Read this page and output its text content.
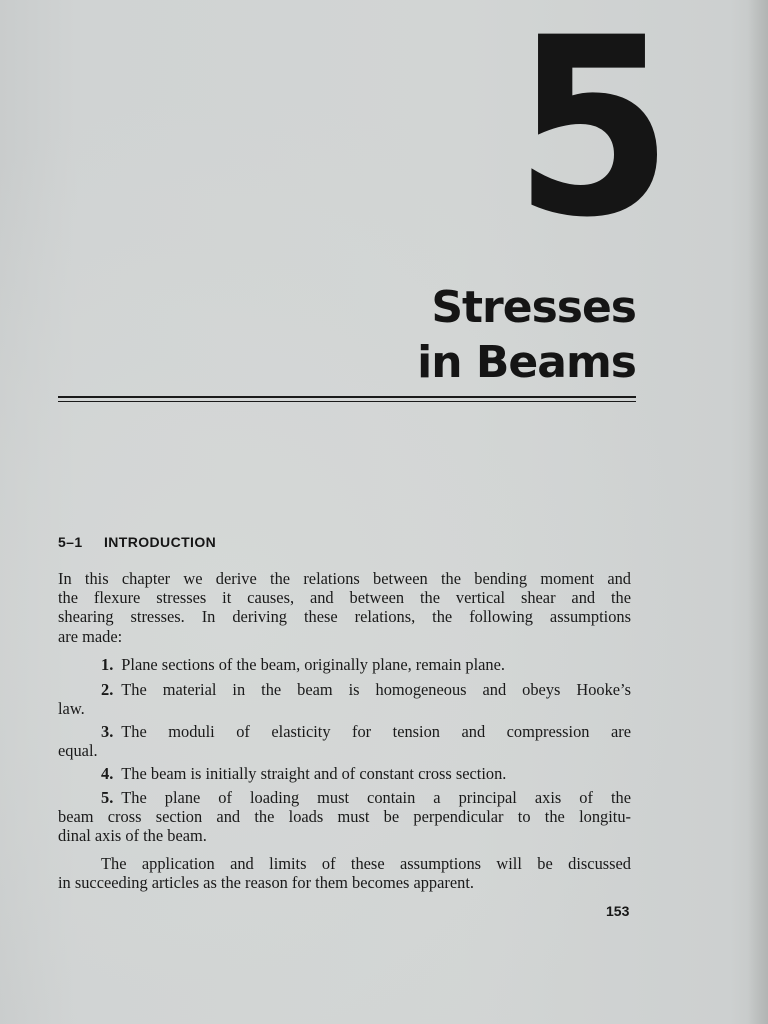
5
Stresses
in Beams
5–1 INTRODUCTION
In this chapter we derive the relations between the bending moment and
the flexure stresses it causes, and between the vertical shear and the
shearing stresses. In deriving these relations, the following assumptions
are made:
1. Plane sections of the beam, originally plane, remain plane.
2. The material in the beam is homogeneous and obeys Hooke’s
law.
3. The moduli of elasticity for tension and compression are
equal.
4. The beam is initially straight and of constant cross section.
5. The plane of loading must contain a principal axis of the
beam cross section and the loads must be perpendicular to the longitu-
dinal axis of the beam.
The application and limits of these assumptions will be discussed
in succeeding articles as the reason for them becomes apparent.
153
